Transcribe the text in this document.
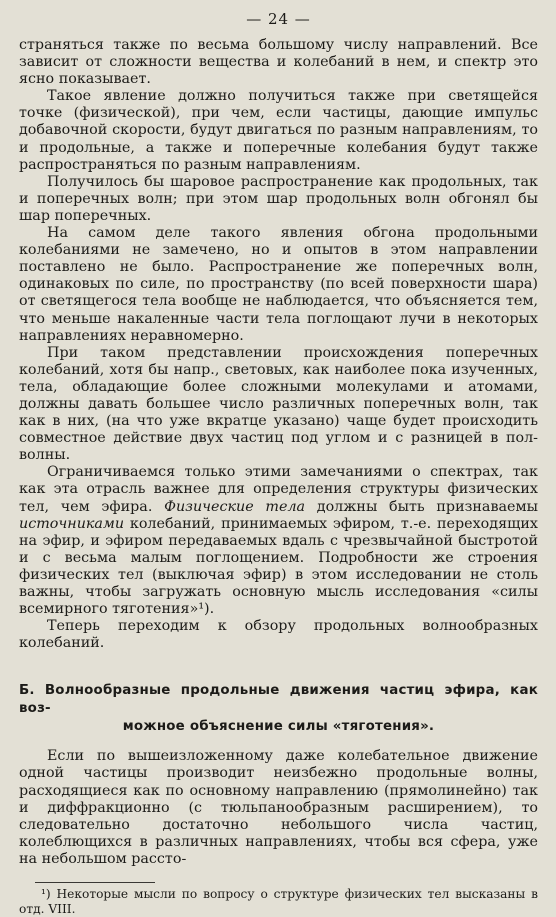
— 24 —

страняться также по весьма большому числу направлений. Все зависит от сложности вещества и колебаний в нем, и спектр это ясно показывает.

Такое явление должно получиться также при светящейся точке (физической), при чем, если частицы, дающие импульс добавочной скорости, будут двигаться по разным направлениям, то и продольные, а также и поперечные колебания будут также распространяться по разным направлениям.

Получилось бы шаровое распространение как продольных, так и поперечных волн; при этом шар продольных волн обгонял бы шар поперечных.

На самом деле такого явления обгона продольными колебаниями не замечено, но и опытов в этом направлении поставлено не было. Распространение же поперечных волн, одинаковых по силе, по пространству (по всей поверхности шара) от светящегося тела вообще не наблюдается, что объясняется тем, что меньше накаленные части тела поглощают лучи в некоторых направлениях неравномерно.

При таком представлении происхождения поперечных колебаний, хотя бы напр., световых, как наиболее пока изученных, тела, обладающие более сложными молекулами и атомами, должны давать большее число различных поперечных волн, так как в них, (на что уже вкратце указано) чаще будет происходить совместное действие двух частиц под углом и с разницей в пол-волны.

Ограничиваемся только этими замечаниями о спектрах, так как эта отрасль важнее для определения структуры физических тел, чем эфира. Физические тела должны быть признаваемы источниками колебаний, принимаемых эфиром, т.-е. переходящих на эфир, и эфиром передаваемых вдаль с чрезвычайной быстротой и с весьма малым поглощением. Подробности же строения физических тел (выключая эфир) в этом исследовании не столь важны, чтобы загружать основную мысль исследования «силы всемирного тяготения»¹).

Теперь переходим к обзору продольных волнообразных колебаний.

Б. Волнообразные продольные движения частиц эфира, как воз-
можное объяснение силы «тяготения».

Если по вышеизложенному даже колебательное движение одной частицы производит неизбежно продольные волны, расходящиеся как по основному направлению (прямолинейно) так и диффракционно (с тюльпанообразным расширением), то следовательно достаточно небольшого числа частиц, колеблющихся в различных направлениях, чтобы вся сфера, уже на небольшом рассто-

¹) Некоторые мысли по вопросу о структуре физических тел высказаны в отд. VIII.
